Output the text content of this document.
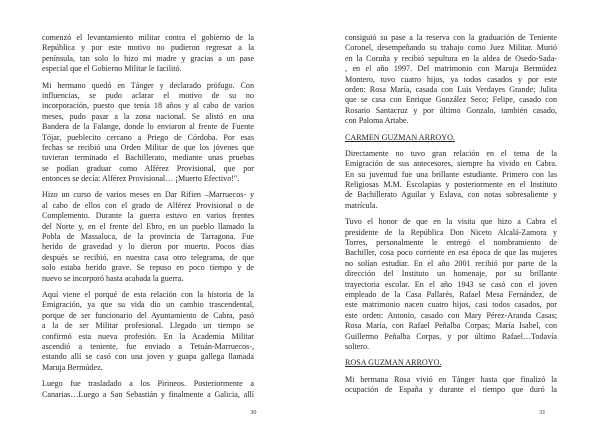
comenzó el levantamiento militar contra el gobierno de la
República y por este motivo no pudieron regresar a la
península, tan solo lo hizo mi madre y gracias a un pase
especial que el Gobierno Militar le facilitó.
Mi hermano quedó en Tánger y declarado prófugo. Con
influencias, se pudo aclarar el motivo de su no
incorporación, puesto que tenía 18 años y al cabo de varios
meses, pudo pasar a la zona nacional. Se alistó en una
Bandera de la Falange, donde lo enviaron al frente de Fuente
Tójar, pueblecito cercano a Priego de Córdoba. Por esas
fechas se recibió una Orden Militar de que los jóvenes que
tuvieran terminado el Bachillerato, mediante unas pruebas
se podían graduar como Alférez Provisional, que por
entonces se decía: Alférez Provisional… ¡Muerto Efectivo!".
Hizo un curso de varios meses en Dar Rifien –Marruecos- y
al cabo de ellos con el grado de Alférez Provisional o de
Complemento. Durante la guerra estuvo en varios frentes
del Norte y, en el frente del Ebro, en un pueblo llamado la
Pobla de Massaluca, de la provincia de Tarragona. Fue
herido de gravedad y lo dieron por muerto. Pocos días
después se recibió, en nuestra casa otro telegrama, de que
solo estaba herido grave. Se repuso en poco tiempo y de
nuevo se incorporó hasta acabada la guerra.
Aquí viene el porqué de esta relación con la historia de la
Emigración, ya que su vida dio un cambio trascendental,
porque de ser funcionario del Ayuntamiento de Cabra, pasó
a la de ser Militar profesional. Llegado un tiempo se
confirmó esta nueva profesión. En la Academia Militar
ascendió a teniente, fue enviado a Tetuán-Marruecos-,
estando allí se casó con una joven y guapa gallega llamada
Maruja Bermúdez.
Luego fue trasladado a los Pirineos. Posteriormente a
Canarias…Luego a San Sebastián y finalmente a Galicia, allí
consiguió su pase a la reserva con la graduación de Teniente
Coronel, desempeñando su trabajo como Juez Militar. Murió
en la Coruña y recibió sepultura en la aldea de Osedo-Sada-
, en el año 1997. Del matrimonio con Maruja Bermúdez
Montero, tuvo cuatro hijos, ya todos casados y por este
orden: Rosa María, casada con Luis Verdayes Grande; Julita
que se casa con Enrique González Seco; Felipe, casado con
Rosario Santacruz y por último Gonzalo, también casado,
con Paloma Artabe.
CARMEN GUZMAN ARROYO.
Directamente no tuvo gran relación en el tema de la
Emigración de sus antecesores, siempre ha vivido en Cabra.
En su juventud fue una brillante estudiante. Primero con las
Religiosas M.M. Escolapias y posteriormente en el Instituto
de Bachillerato Aguilar y Eslava, con notas sobresaliente y
matrícula.
Tuvo el honor de que en la visita que hizo a Cabra el
presidente de la República Don Niceto Alcalá-Zamora y
Torres, personalmente le entregó el nombramiento de
Bachiller, cosa poco corriente en esa época de que las mujeres
no solían estudiar. En el año 2001 recibió por parte de la
dirección del Instituto un homenaje, por su brillante
trayectoria escolar. En el año 1943 se casó con el joven
empleado de la Casa Pallarés, Rafael Mesa Fernández, de
este matrimonio nacen cuatro hijos, casi todos casados, por
este orden: Antonio, casado con Mary Pérez-Aranda Casas;
Rosa María, con Rafael Peñalba Corpas; María Isabel, con
Guillermo Peñalba Corpas, y por último Rafael…Todavía
soltero.
ROSA GUZMAN ARROYO.
Mi hermana Rosa vivió en Tánger hasta que finalizó la
ocupación de España y durante el tiempo que duró la
30	31
